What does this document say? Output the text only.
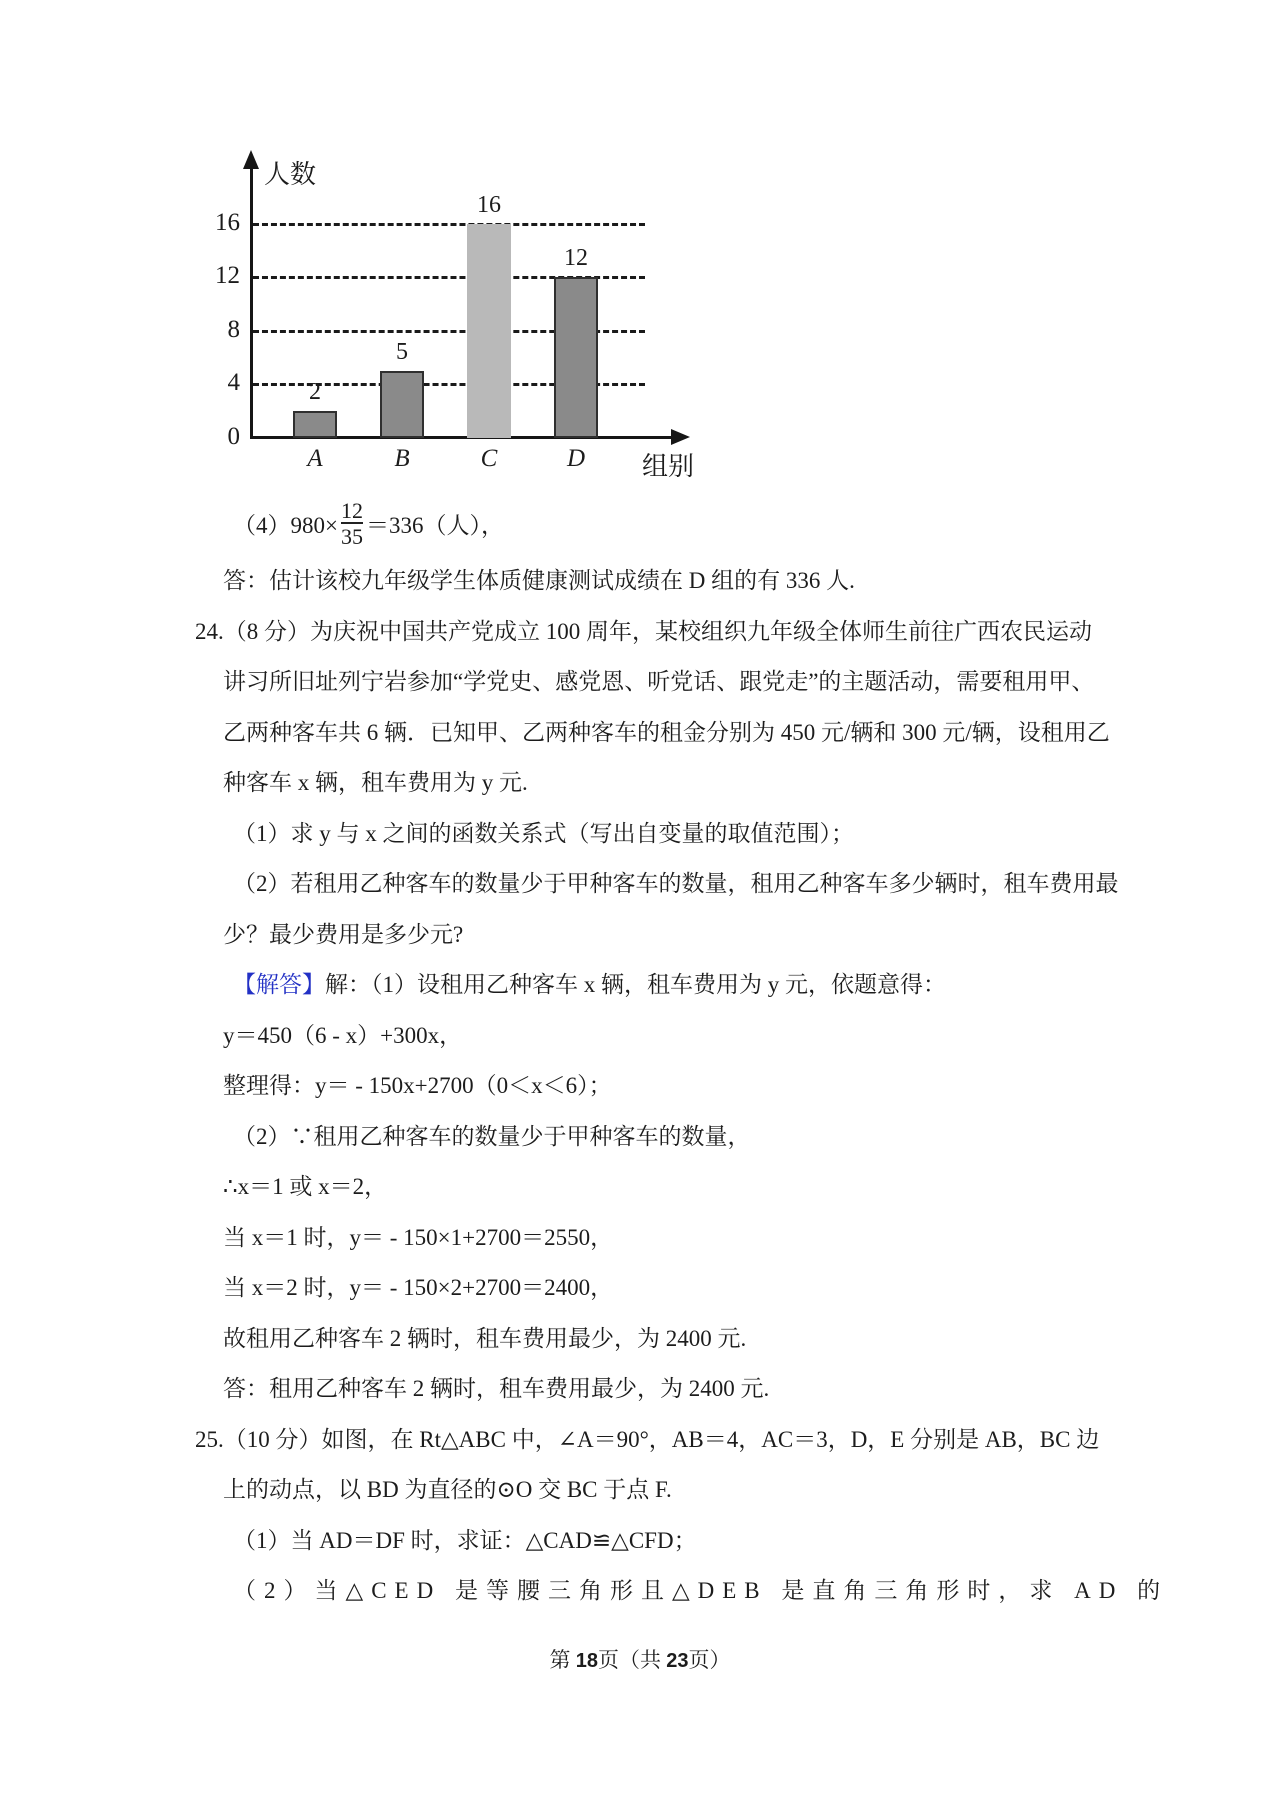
人数
组别
0
4
8
12
16
2
A
5
B
16
C
12
D
$(4)980\times \frac{12}{35} =336$（人），

答：估计该校九年级学生体质健康测试成绩在 D 组的有 336 人.

24.（8 分）为庆祝中国共产党成立 100 周年，某校组织九年级全体师生前往广西农民运动

讲习所旧址列宁岩参加“学党史、感党恩、听党话、跟党走”的主题活动，需要租用甲、

乙两种客车共 6 辆．已知甲、乙两种客车的租金分别为 450 元/辆和 300 元/辆，设租用乙

种客车 x 辆，租车费用为 y 元.

（1）求 y 与 x 之间的函数关系式（写出自变量的取值范围）；

（2）若租用乙种客车的数量少于甲种客车的数量，租用乙种客车多少辆时，租车费用最

少？最少费用是多少元?

【解答】解：（1）设租用乙种客车 x 辆，租车费用为 y 元，依题意得：

y＝450（6 - x）+300x，

整理得：y＝ - 150x+2700（0＜x＜6）；

（2）∵租用乙种客车的数量少于甲种客车的数量，

∴x＝1 或 x＝2，

当 x＝1 时，y＝ - 150×1+2700＝2550，

当 x＝2 时，y＝ - 150×2+2700＝2400，

故租用乙种客车 2 辆时，租车费用最少，为 2400 元.

答：租用乙种客车 2 辆时，租车费用最少，为 2400 元.

25.（10 分）如图，在 Rt△ABC 中，∠A＝90°，AB＝4，AC＝3，D，E 分别是 AB，BC 边

上的动点，以 BD 为直径的⊙O 交 BC 于点 F.

（1）当 AD＝DF 时，求证：△CAD≌△CFD；

（2）当△CED 是等腰三角形且△DEB 是直角三角形时，求 AD 的

第 18页（共 23页）
